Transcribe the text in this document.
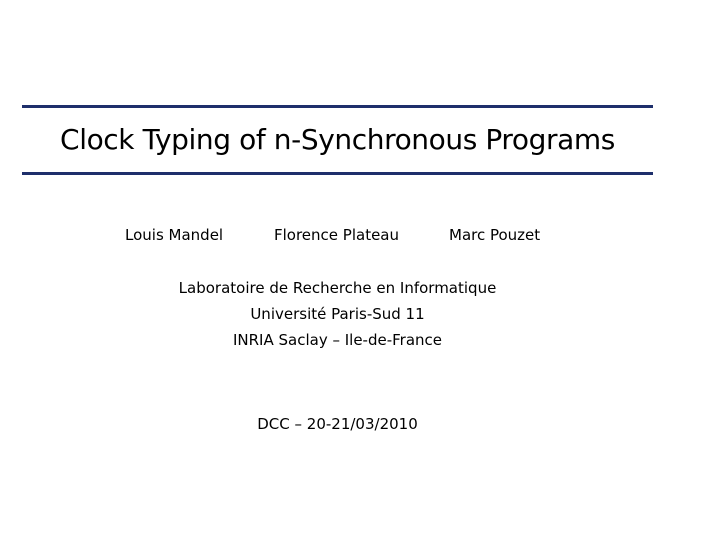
Clock Typing of n-Synchronous Programs
Louis Mandel	Florence Plateau	Marc Pouzet
Laboratoire de Recherche en Informatique
Université Paris-Sud 11
INRIA Saclay – Ile-de-France
DCC – 20-21/03/2010
